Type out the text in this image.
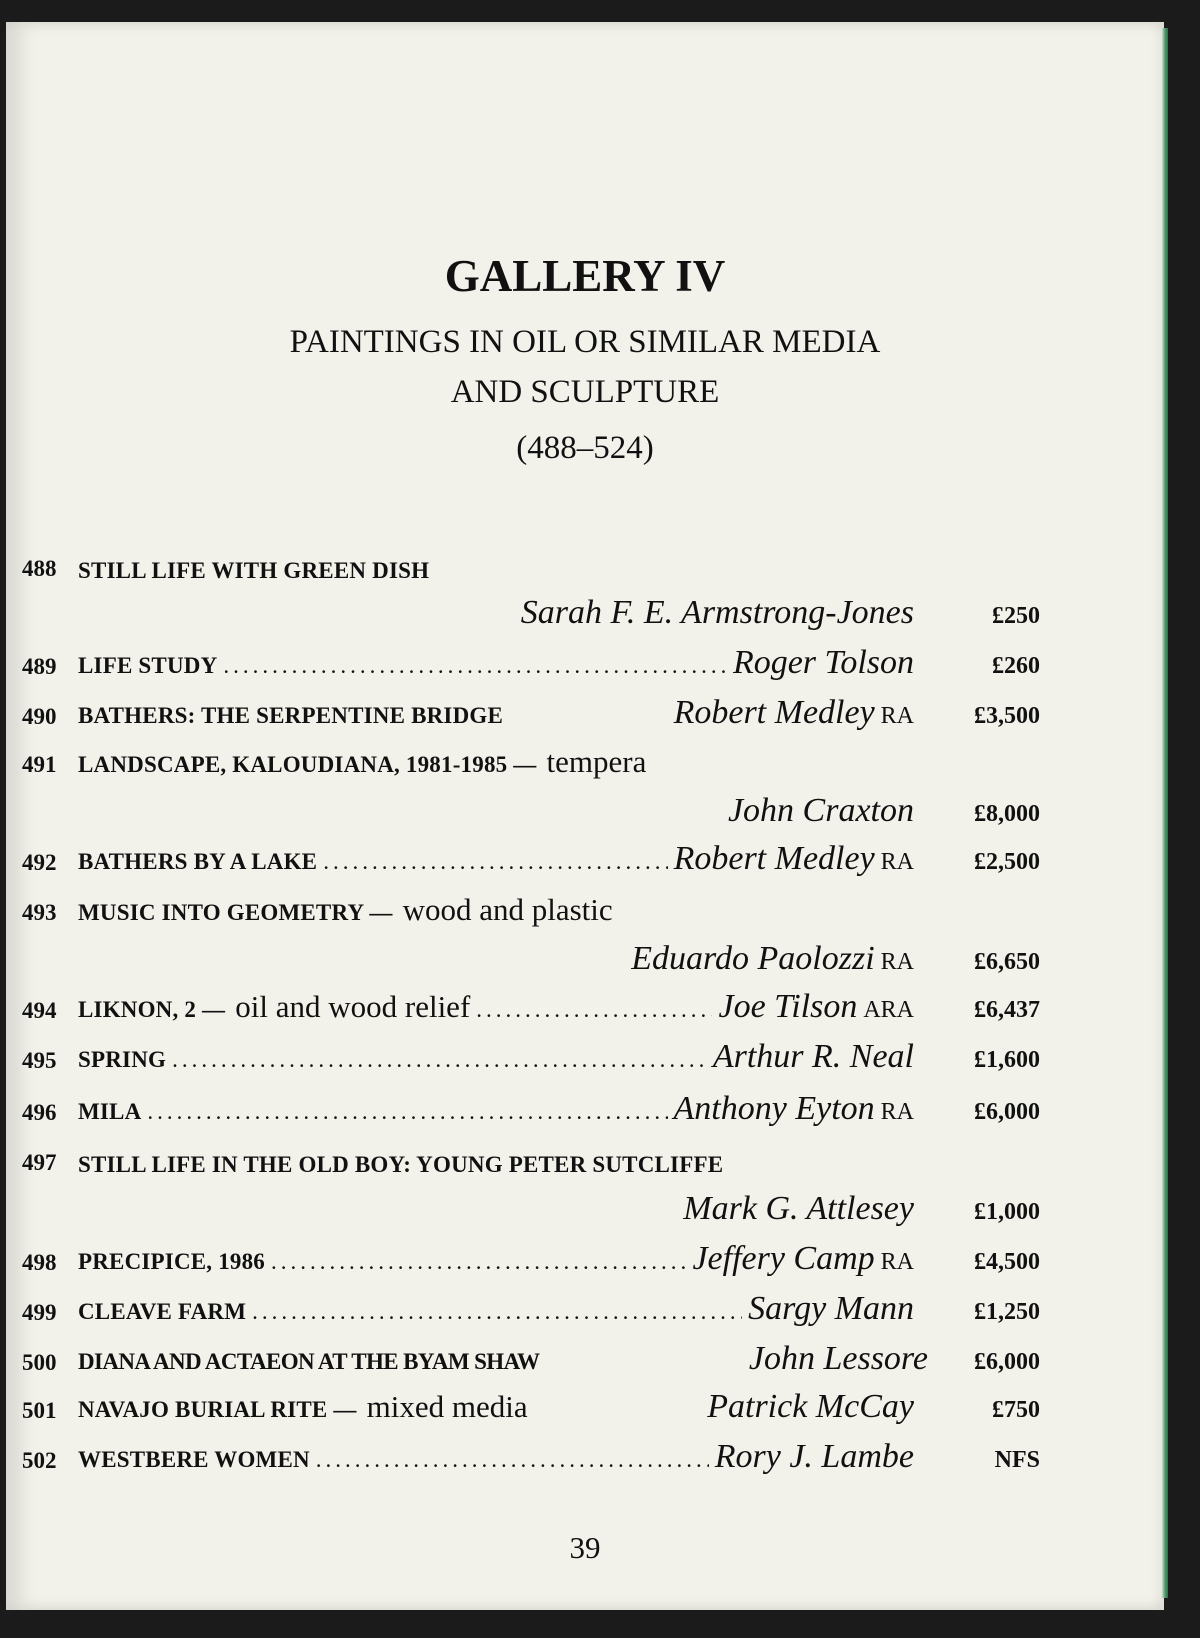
GALLERY IV

PAINTINGS IN OIL OR SIMILAR MEDIA

AND SCULPTURE

(488–524)

488 STILL LIFE WITH GREEN DISH
Sarah F. E. Armstrong-Jones	£250
489 LIFE STUDY .....	Roger Tolson	£260
490 BATHERS: THE SERPENTINE BRIDGE	Robert Medley RA	£3,500
491 LANDSCAPE, KALOUDIANA, 1981-1985 — tempera
John Craxton	£8,000
492 BATHERS BY A LAKE .....	Robert Medley RA	£2,500
493 MUSIC INTO GEOMETRY — wood and plastic
Eduardo Paolozzi RA	£6,650
494 LIKNON, 2 — oil and wood relief .....	Joe Tilson ARA	£6,437
495 SPRING .....	Arthur R. Neal	£1,600
496 MILA .....	Anthony Eyton RA	£6,000
497 STILL LIFE IN THE OLD BOY: YOUNG PETER SUTCLIFFE
Mark G. Attlesey	£1,000
498 PRECIPICE, 1986 .....	Jeffery Camp RA	£4,500
499 CLEAVE FARM .....	Sargy Mann	£1,250
500 DIANA AND ACTAEON AT THE BYAM SHAW	John Lessore £6,000
501 NAVAJO BURIAL RITE — mixed media	Patrick McCay	£750
502 WESTBERE WOMEN .....	Rory J. Lambe	NFS
39
